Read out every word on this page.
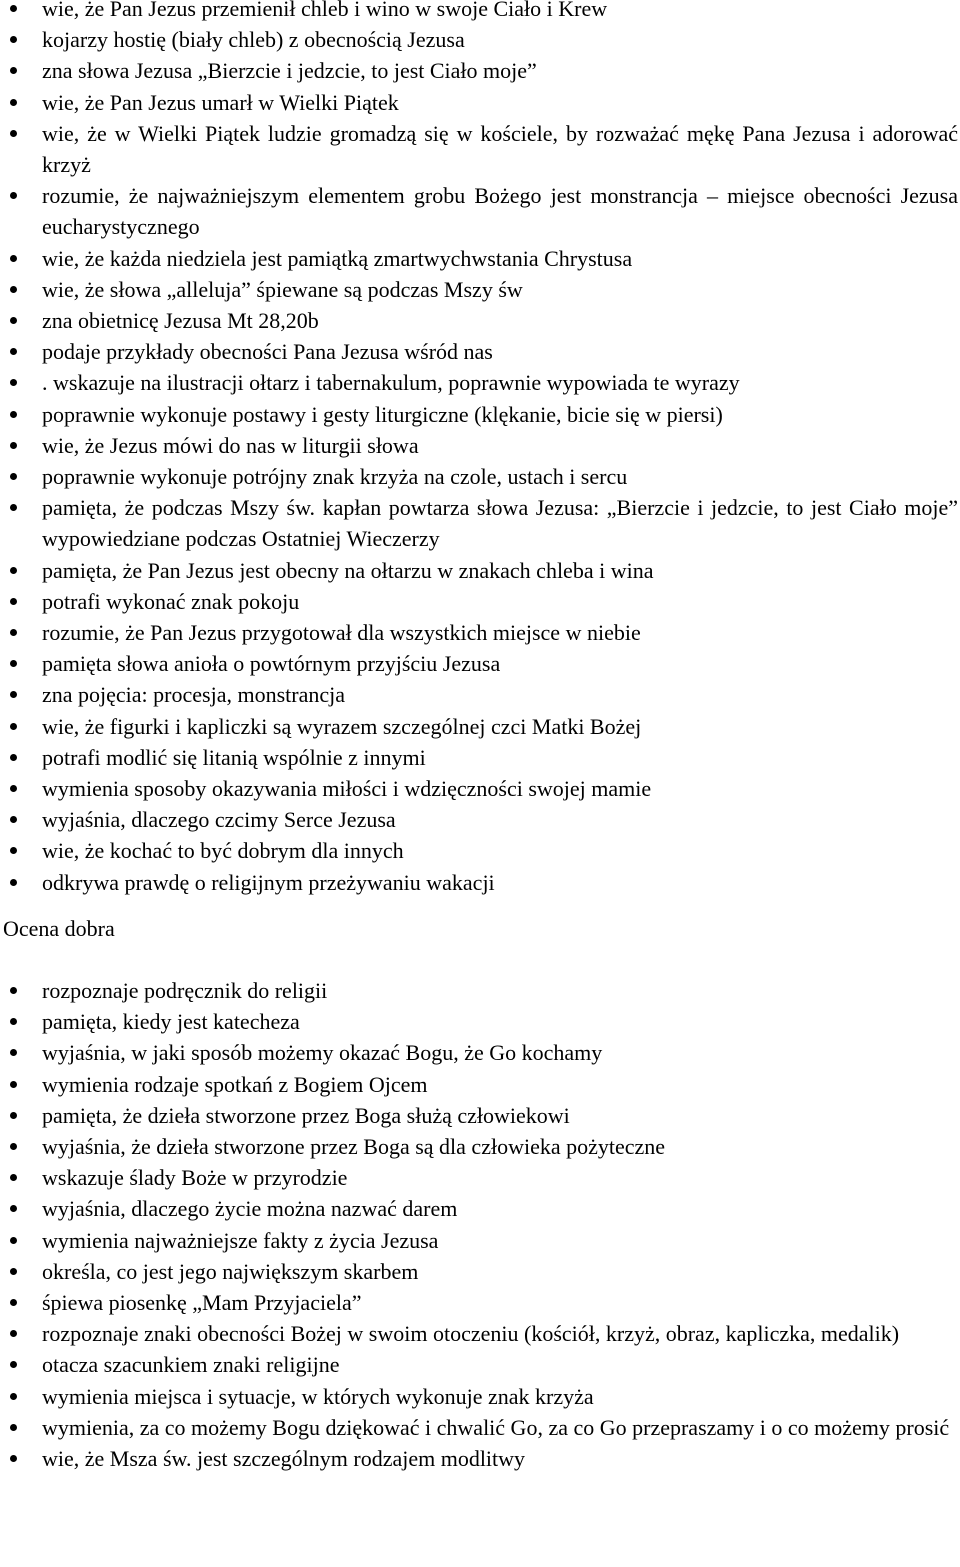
wie, że Pan Jezus przemienił chleb i wino w swoje Ciało i Krew
kojarzy hostię (biały chleb) z obecnością Jezusa
zna słowa Jezusa „Bierzcie i jedzcie, to jest Ciało moje”
wie, że Pan Jezus umarł w Wielki Piątek
wie, że w Wielki Piątek ludzie gromadzą się w kościele, by rozważać mękę Pana Jezusa i adorować krzyż
rozumie, że najważniejszym elementem grobu Bożego jest monstrancja – miejsce obecności Jezusa eucharystycznego
wie, że każda niedziela jest pamiątką zmartwychwstania Chrystusa
wie, że słowa „alleluja” śpiewane są podczas Mszy św
zna obietnicę Jezusa Mt 28,20b
podaje przykłady obecności Pana Jezusa wśród nas
. wskazuje na ilustracji ołtarz i tabernakulum, poprawnie wypowiada te wyrazy
poprawnie wykonuje postawy i gesty liturgiczne (klękanie, bicie się w piersi)
wie, że Jezus mówi do nas w liturgii słowa
poprawnie wykonuje potrójny znak krzyża na czole, ustach i sercu
pamięta, że podczas Mszy św. kapłan powtarza słowa Jezusa: „Bierzcie i jedzcie, to jest Ciało moje” wypowiedziane podczas Ostatniej Wieczerzy
pamięta, że Pan Jezus jest obecny na ołtarzu w znakach chleba i wina
potrafi wykonać znak pokoju
rozumie, że Pan Jezus przygotował dla wszystkich miejsce w niebie
pamięta słowa anioła o powtórnym przyjściu Jezusa
zna pojęcia: procesja, monstrancja
wie, że figurki i kapliczki są wyrazem szczególnej czci Matki Bożej
potrafi modlić się litanią wspólnie z innymi
wymienia sposoby okazywania miłości i wdzięczności swojej mamie
wyjaśnia, dlaczego czcimy Serce Jezusa
wie, że kochać to być dobrym dla innych
odkrywa prawdę o religijnym przeżywaniu wakacji
Ocena dobra
rozpoznaje podręcznik do religii
pamięta, kiedy jest katecheza
wyjaśnia, w jaki sposób możemy okazać Bogu, że Go kochamy
wymienia rodzaje spotkań z Bogiem Ojcem
pamięta, że dzieła stworzone przez Boga służą człowiekowi
wyjaśnia, że dzieła stworzone przez Boga są dla człowieka pożyteczne
wskazuje ślady Boże w przyrodzie
wyjaśnia, dlaczego życie można nazwać darem
wymienia najważniejsze fakty z życia Jezusa
określa, co jest jego największym skarbem
śpiewa piosenkę „Mam Przyjaciela”
rozpoznaje znaki obecności Bożej w swoim otoczeniu (kościół, krzyż, obraz, kapliczka, medalik)
otacza szacunkiem znaki religijne
wymienia miejsca i sytuacje, w których wykonuje znak krzyża
wymienia, za co możemy Bogu dziękować i chwalić Go, za co Go przepraszamy i o co możemy prosić
wie, że Msza św. jest szczególnym rodzajem modlitwy
